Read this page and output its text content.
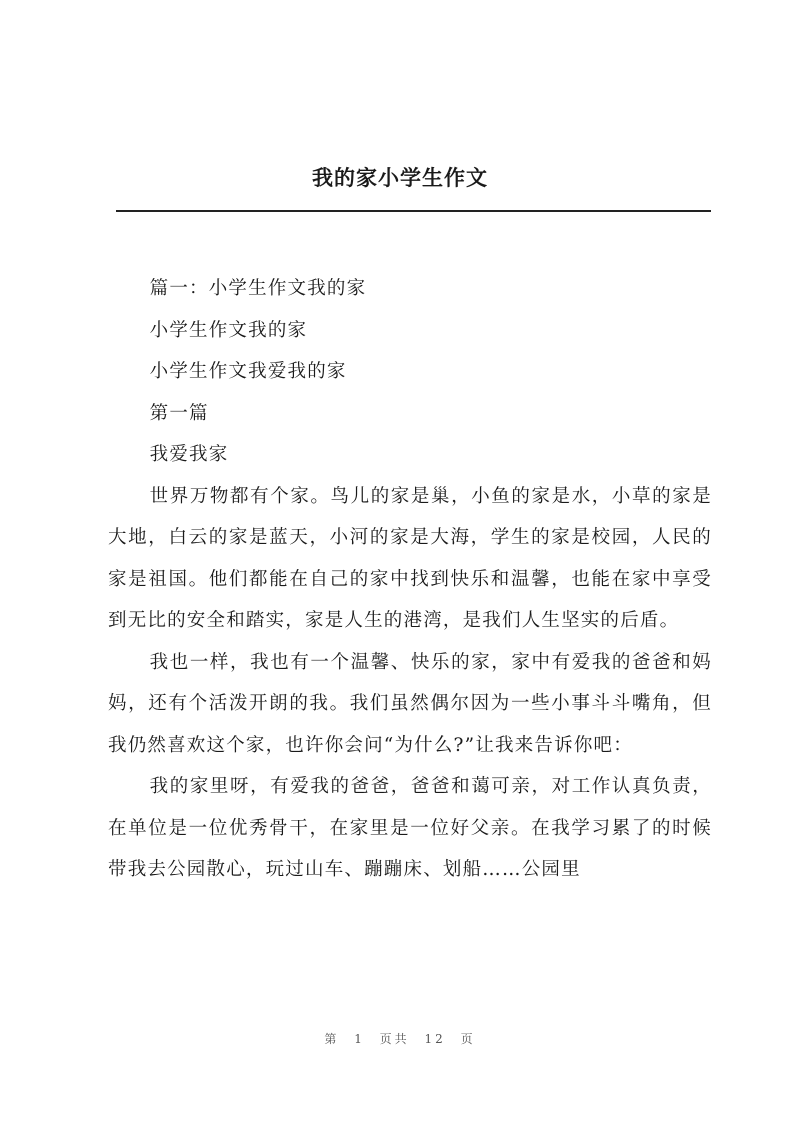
我的家小学生作文

篇一：小学生作文我的家

小学生作文我的家

小学生作文我爱我的家

第一篇

我爱我家

世界万物都有个家。鸟儿的家是巢，小鱼的家是水，小草的家是大地，白云的家是蓝天，小河的家是大海，学生的家是校园，人民的家是祖国。他们都能在自己的家中找到快乐和温馨，也能在家中享受到无比的安全和踏实，家是人生的港湾，是我们人生坚实的后盾。

我也一样，我也有一个温馨、快乐的家，家中有爱我的爸爸和妈妈，还有个活泼开朗的我。我们虽然偶尔因为一些小事斗斗嘴角，但我仍然喜欢这个家，也许你会问“为什么?”让我来告诉你吧：

我的家里呀，有爱我的爸爸，爸爸和蔼可亲，对工作认真负责，在单位是一位优秀骨干，在家里是一位好父亲。在我学习累了的时候带我去公园散心，玩过山车、蹦蹦床、划船……公园里

第 1 页共 12 页
